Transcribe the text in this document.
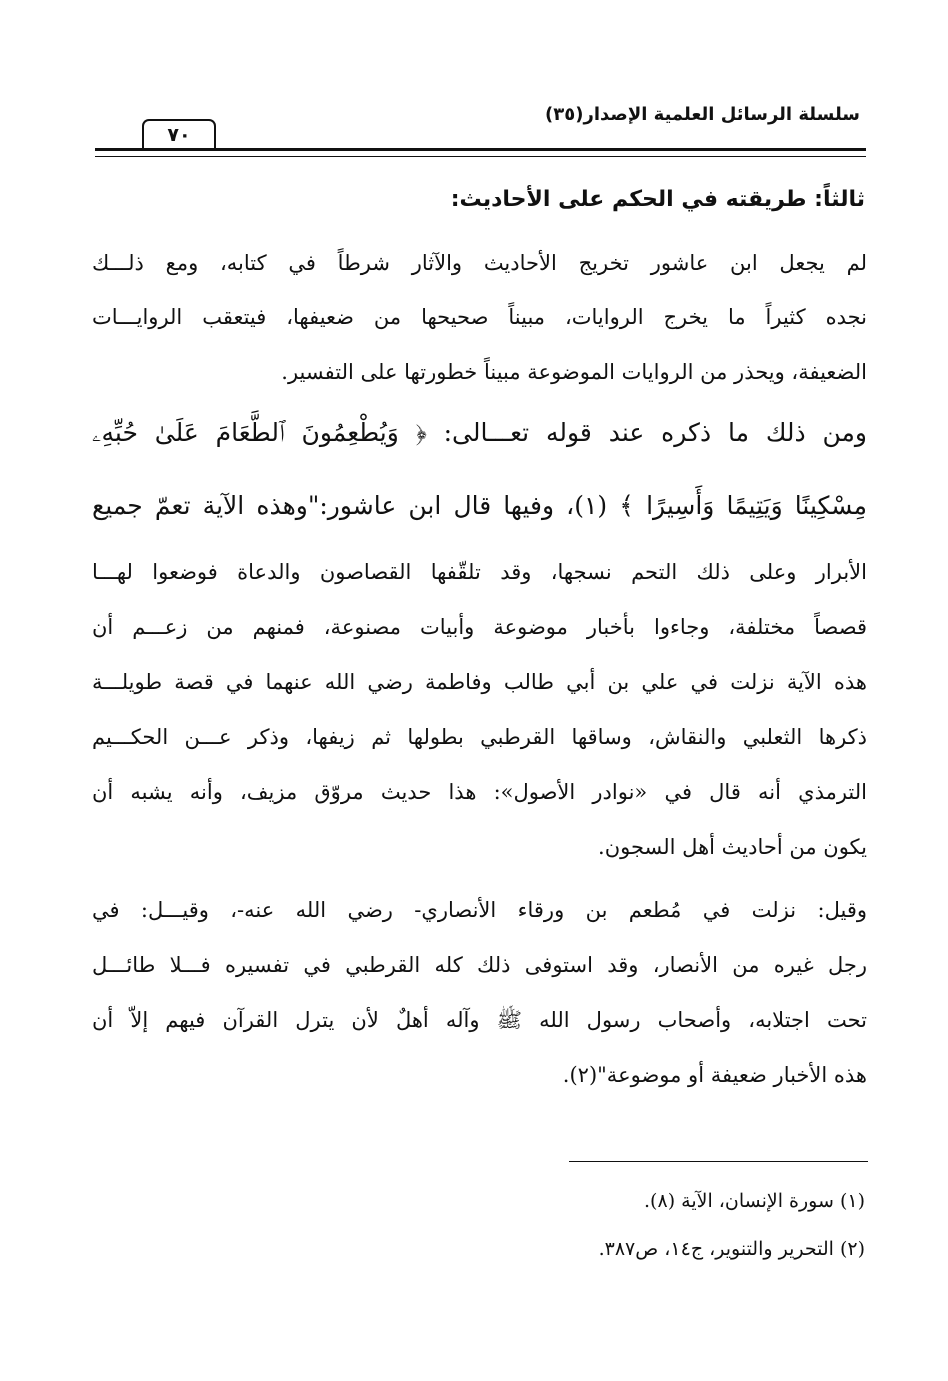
سلسلة الرسائل العلمية الإصدار(٣٥)
٧٠
ثالثاً: طريقته في الحكم على الأحاديث:
لم يجعل ابن عاشور تخريج الأحاديث والآثار شرطاً في كتابه، ومع ذلـــك
نجده كثيراً ما يخرج الروايات، مبيناً صحيحها من ضعيفها، فيتعقب الروايـــات
الضعيفة، ويحذر من الروايات الموضوعة مبيناً خطورتها على التفسير.
ومن ذلك ما ذكره عند قوله تعـــالى: ﴿ وَيُطْعِمُونَ ٱلطَّعَامَ عَلَىٰ حُبِّهِۦ
مِسْكِينًا وَيَتِيمًا وَأَسِيرًا ﴾ (١)، وفيها قال ابن عاشور:"وهذه الآية تعمّ جميع
الأبرار وعلى ذلك التحم نسجها، وقد تلقّفها القصاصون والدعاة فوضعوا لهـــا
قصصاً مختلفة، وجاءوا بأخبار موضوعة وأبيات مصنوعة، فمنهم من زعـــم أن
هذه الآية نزلت في علي بن أبي طالب وفاطمة رضي الله عنهما في قصة طويلـــة
ذكرها الثعلبي والنقاش، وساقها القرطبي بطولها ثم زيفها، وذكر عـــن الحكـــيم
الترمذي أنه قال في «نوادر الأصول»: هذا حديث مروّق مزيف، وأنه يشبه أن
يكون من أحاديث أهل السجون.
وقيل: نزلت في مُطعم بن ورقاء الأنصاري- رضي الله عنه-، وقيـــل: في
رجل غيره من الأنصار، وقد استوفى ذلك كله القرطبي في تفسيره فـــلا طائـــل
تحت اجتلابه، وأصحاب رسول الله ﷺ وآله أهلٌ لأن يترل القرآن فيهم إلاّ أن
هذه الأخبار ضعيفة أو موضوعة"(٢).
(١) سورة الإنسان، الآية (٨).
(٢) التحرير والتنوير، ج١٤، ص٣٨٧.
